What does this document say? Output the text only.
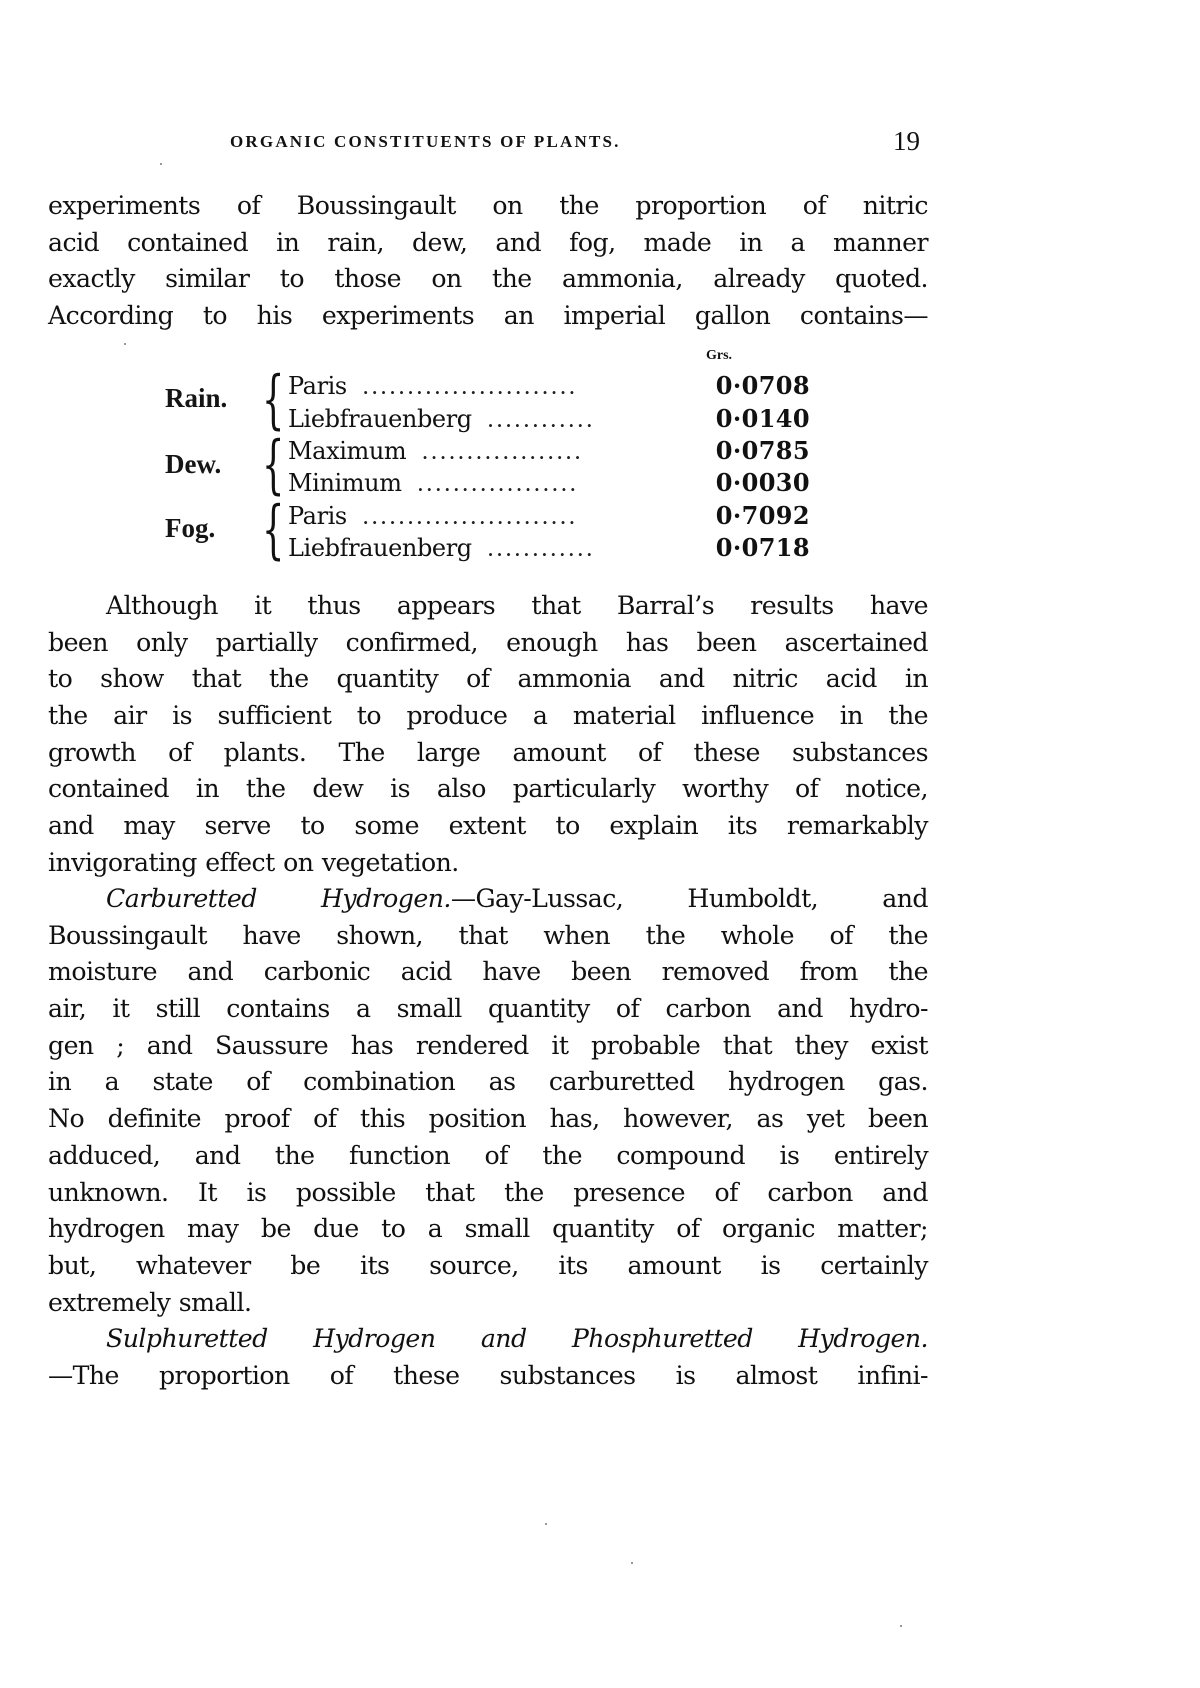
ORGANIC CONSTITUENTS OF PLANTS.	19
experiments of Boussingault on the proportion of nitric
acid contained in rain, dew, and fog, made in a manner
exactly similar to those on the ammonia, already quoted.
According to his experiments an imperial gallon contains—
Grs.
Rain. { Paris ........................	0·0708
Liebfrauenberg ............	0·0140
Dew. { Maximum ..................	0·0785
Minimum ..................	0·0030
Fog. { Paris ........................	0·7092
Liebfrauenberg ............	0·0718
Although it thus appears that Barral’s results have
been only partially confirmed, enough has been ascertained
to show that the quantity of ammonia and nitric acid in
the air is sufficient to produce a material influence in the
growth of plants. The large amount of these substances
contained in the dew is also particularly worthy of notice,
and may serve to some extent to explain its remarkably
invigorating effect on vegetation.
Carburetted Hydrogen.—Gay-Lussac, Humboldt, and
Boussingault have shown, that when the whole of the
moisture and carbonic acid have been removed from the
air, it still contains a small quantity of carbon and hydro-
gen ; and Saussure has rendered it probable that they exist
in a state of combination as carburetted hydrogen gas.
No definite proof of this position has, however, as yet been
adduced, and the function of the compound is entirely
unknown. It is possible that the presence of carbon and
hydrogen may be due to a small quantity of organic matter;
but, whatever be its source, its amount is certainly
extremely small.
Sulphuretted Hydrogen and Phosphuretted Hydrogen.
—The proportion of these substances is almost infini-
